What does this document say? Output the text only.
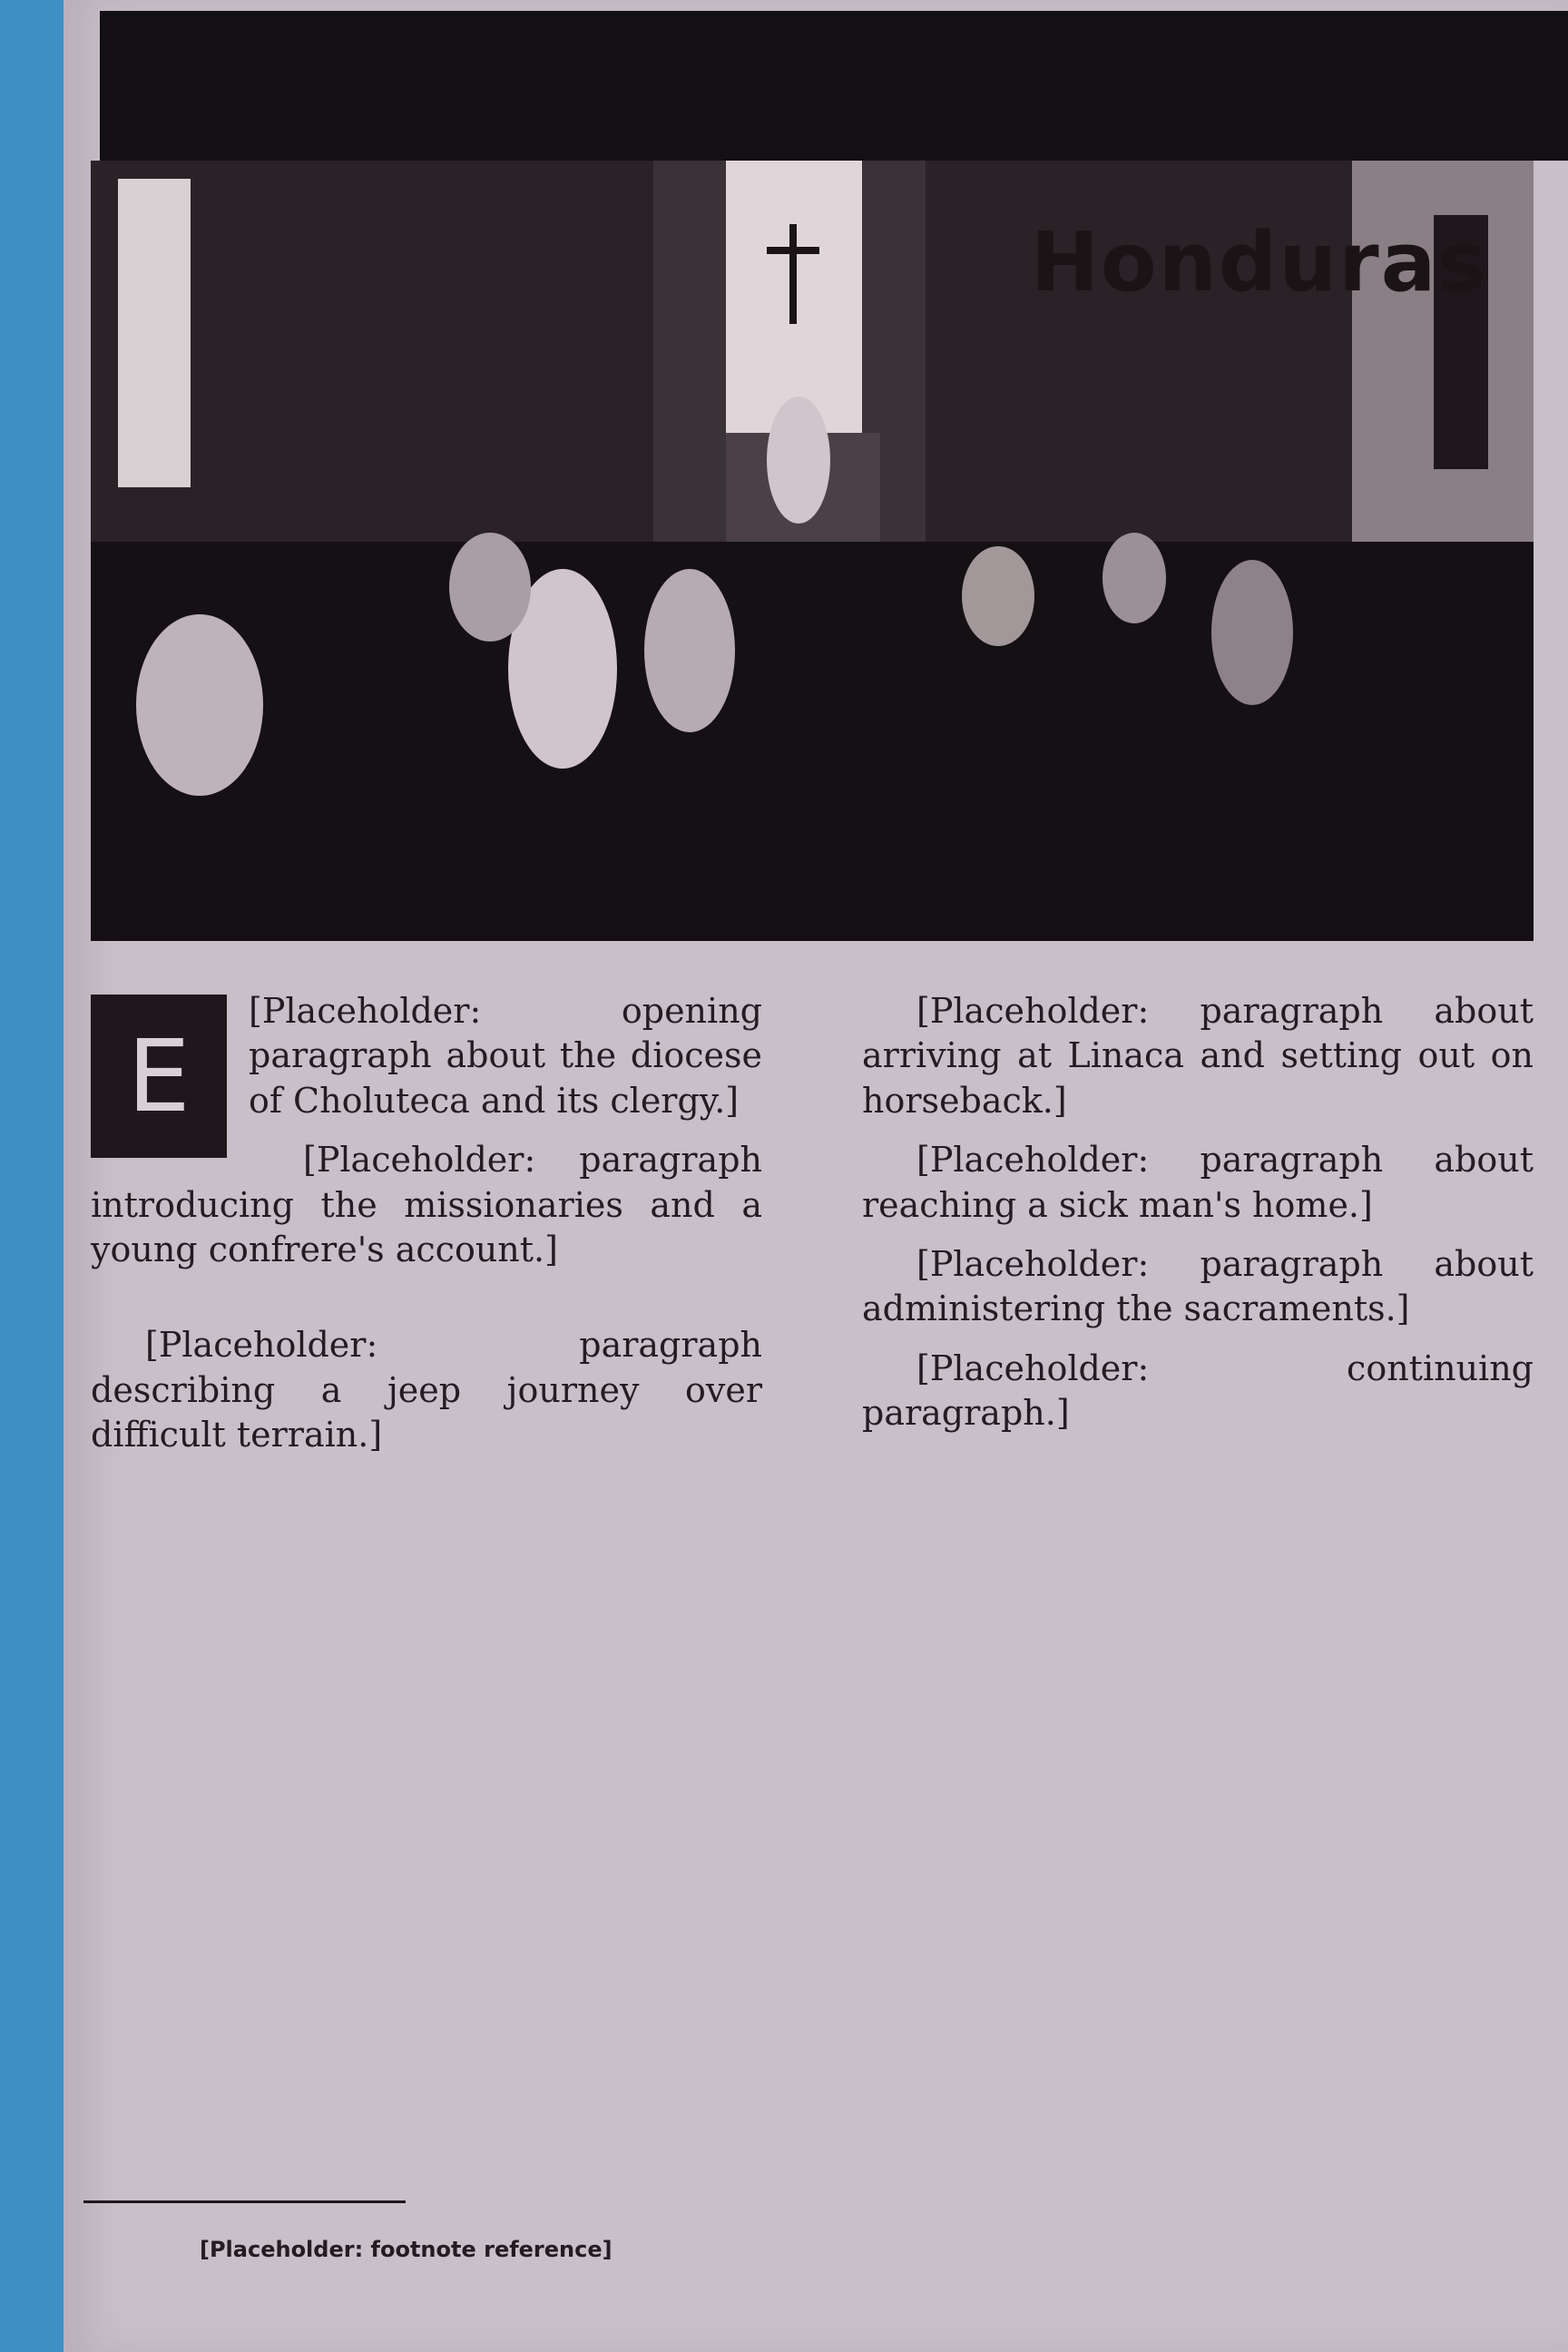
Honduras
E

[Placeholder: opening paragraph about the diocese of Choluteca and its clergy.]

[Placeholder: paragraph introducing the missionaries and a young confrere's account.]

[Placeholder: paragraph describing a jeep journey over difficult terrain.]

[Placeholder: paragraph about arriving at Linaca and setting out on horseback.]

[Placeholder: paragraph about reaching a sick man's home.]

[Placeholder: paragraph about administering the sacraments.]

[Placeholder: continuing paragraph.]

[Placeholder: footnote reference]
